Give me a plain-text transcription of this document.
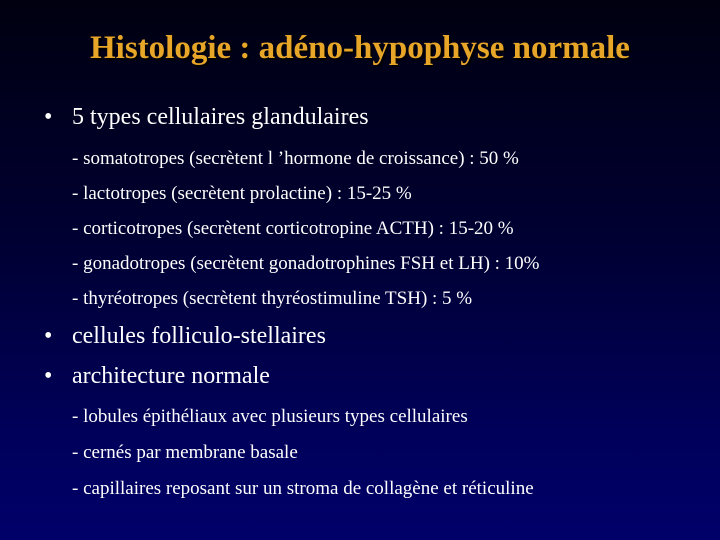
Histologie : adéno-hypophyse normale
• 5 types cellulaires glandulaires
- somatotropes (secrètent l ’hormone de croissance) : 50 %
- lactotropes (secrètent prolactine) : 15-25 %
- corticotropes (secrètent corticotropine ACTH) : 15-20 %
- gonadotropes (secrètent gonadotrophines FSH et LH) : 10%
- thyréotropes (secrètent thyréostimuline TSH) : 5 %
• cellules folliculo-stellaires
• architecture normale
- lobules épithéliaux avec plusieurs types cellulaires
- cernés par membrane basale
- capillaires reposant sur un stroma de collagène et réticuline
